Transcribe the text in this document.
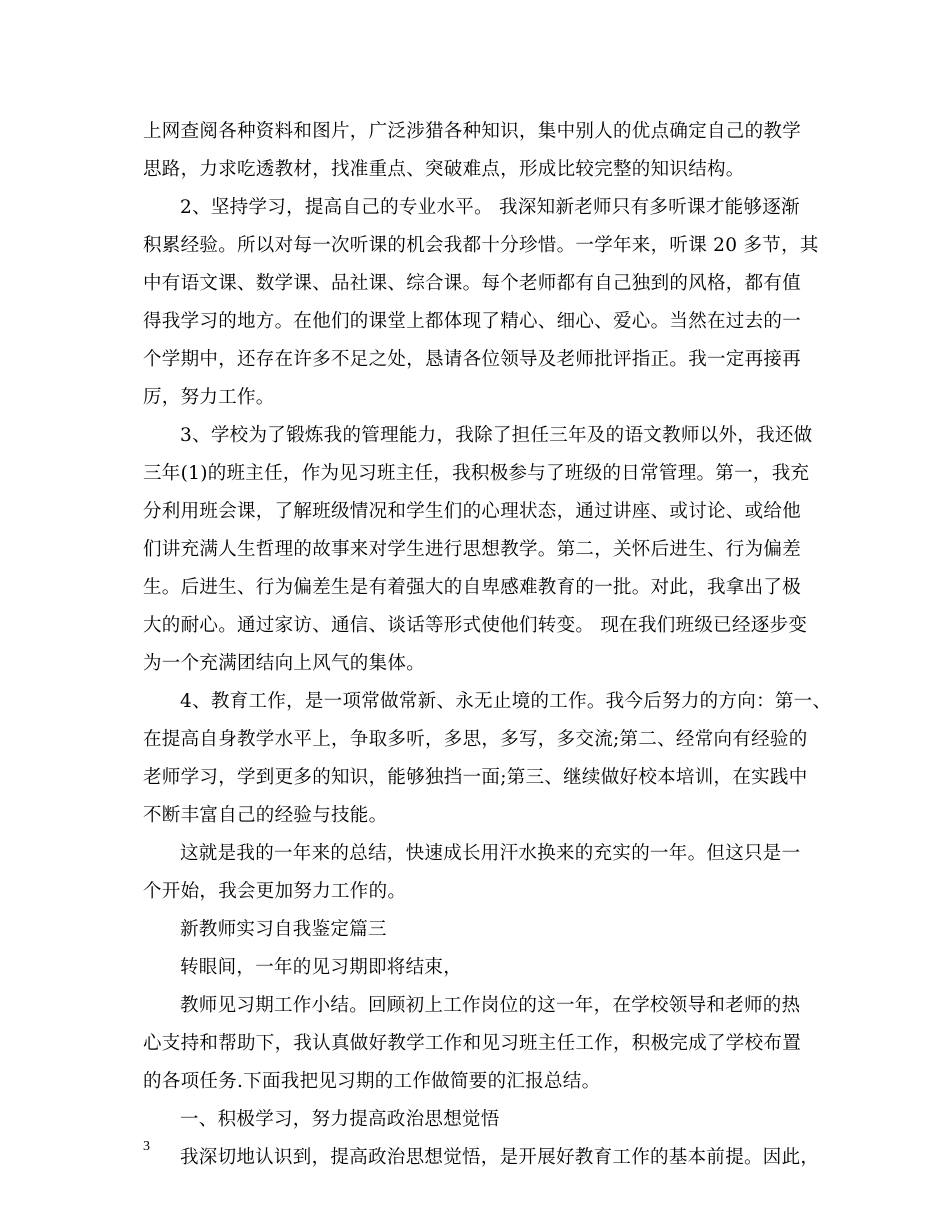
上网查阅各种资料和图片，广泛涉猎各种知识，集中别人的优点确定自己的教学
思路，力求吃透教材，找准重点、突破难点，形成比较完整的知识结构。
2、坚持学习，提高自己的专业水平。 我深知新老师只有多听课才能够逐渐
积累经验。所以对每一次听课的机会我都十分珍惜。一学年来，听课 20 多节，其
中有语文课、数学课、品社课、综合课。每个老师都有自己独到的风格，都有值
得我学习的地方。在他们的课堂上都体现了精心、细心、爱心。当然在过去的一
个学期中，还存在许多不足之处，恳请各位领导及老师批评指正。我一定再接再
厉，努力工作。
3、学校为了锻炼我的管理能力，我除了担任三年及的语文教师以外，我还做
三年(1)的班主任，作为见习班主任，我积极参与了班级的日常管理。第一，我充
分利用班会课，了解班级情况和学生们的心理状态，通过讲座、或讨论、或给他
们讲充满人生哲理的故事来对学生进行思想教学。第二，关怀后进生、行为偏差
生。后进生、行为偏差生是有着强大的自卑感难教育的一批。对此，我拿出了极
大的耐心。通过家访、通信、谈话等形式使他们转变。 现在我们班级已经逐步变
为一个充满团结向上风气的集体。
4、教育工作，是一项常做常新、永无止境的工作。我今后努力的方向：第一、
在提高自身教学水平上，争取多听，多思，多写，多交流;第二、经常向有经验的
老师学习，学到更多的知识，能够独挡一面;第三、继续做好校本培训，在实践中
不断丰富自己的经验与技能。
这就是我的一年来的总结，快速成长用汗水换来的充实的一年。但这只是一
个开始，我会更加努力工作的。
新教师实习自我鉴定篇三
转眼间，一年的见习期即将结束，
教师见习期工作小结。回顾初上工作岗位的这一年，在学校领导和老师的热
心支持和帮助下，我认真做好教学工作和见习班主任工作，积极完成了学校布置
的各项任务.下面我把见习期的工作做简要的汇报总结。
一、积极学习，努力提高政治思想觉悟
我深切地认识到，提高政治思想觉悟，是开展好教育工作的基本前提。因此，
3
